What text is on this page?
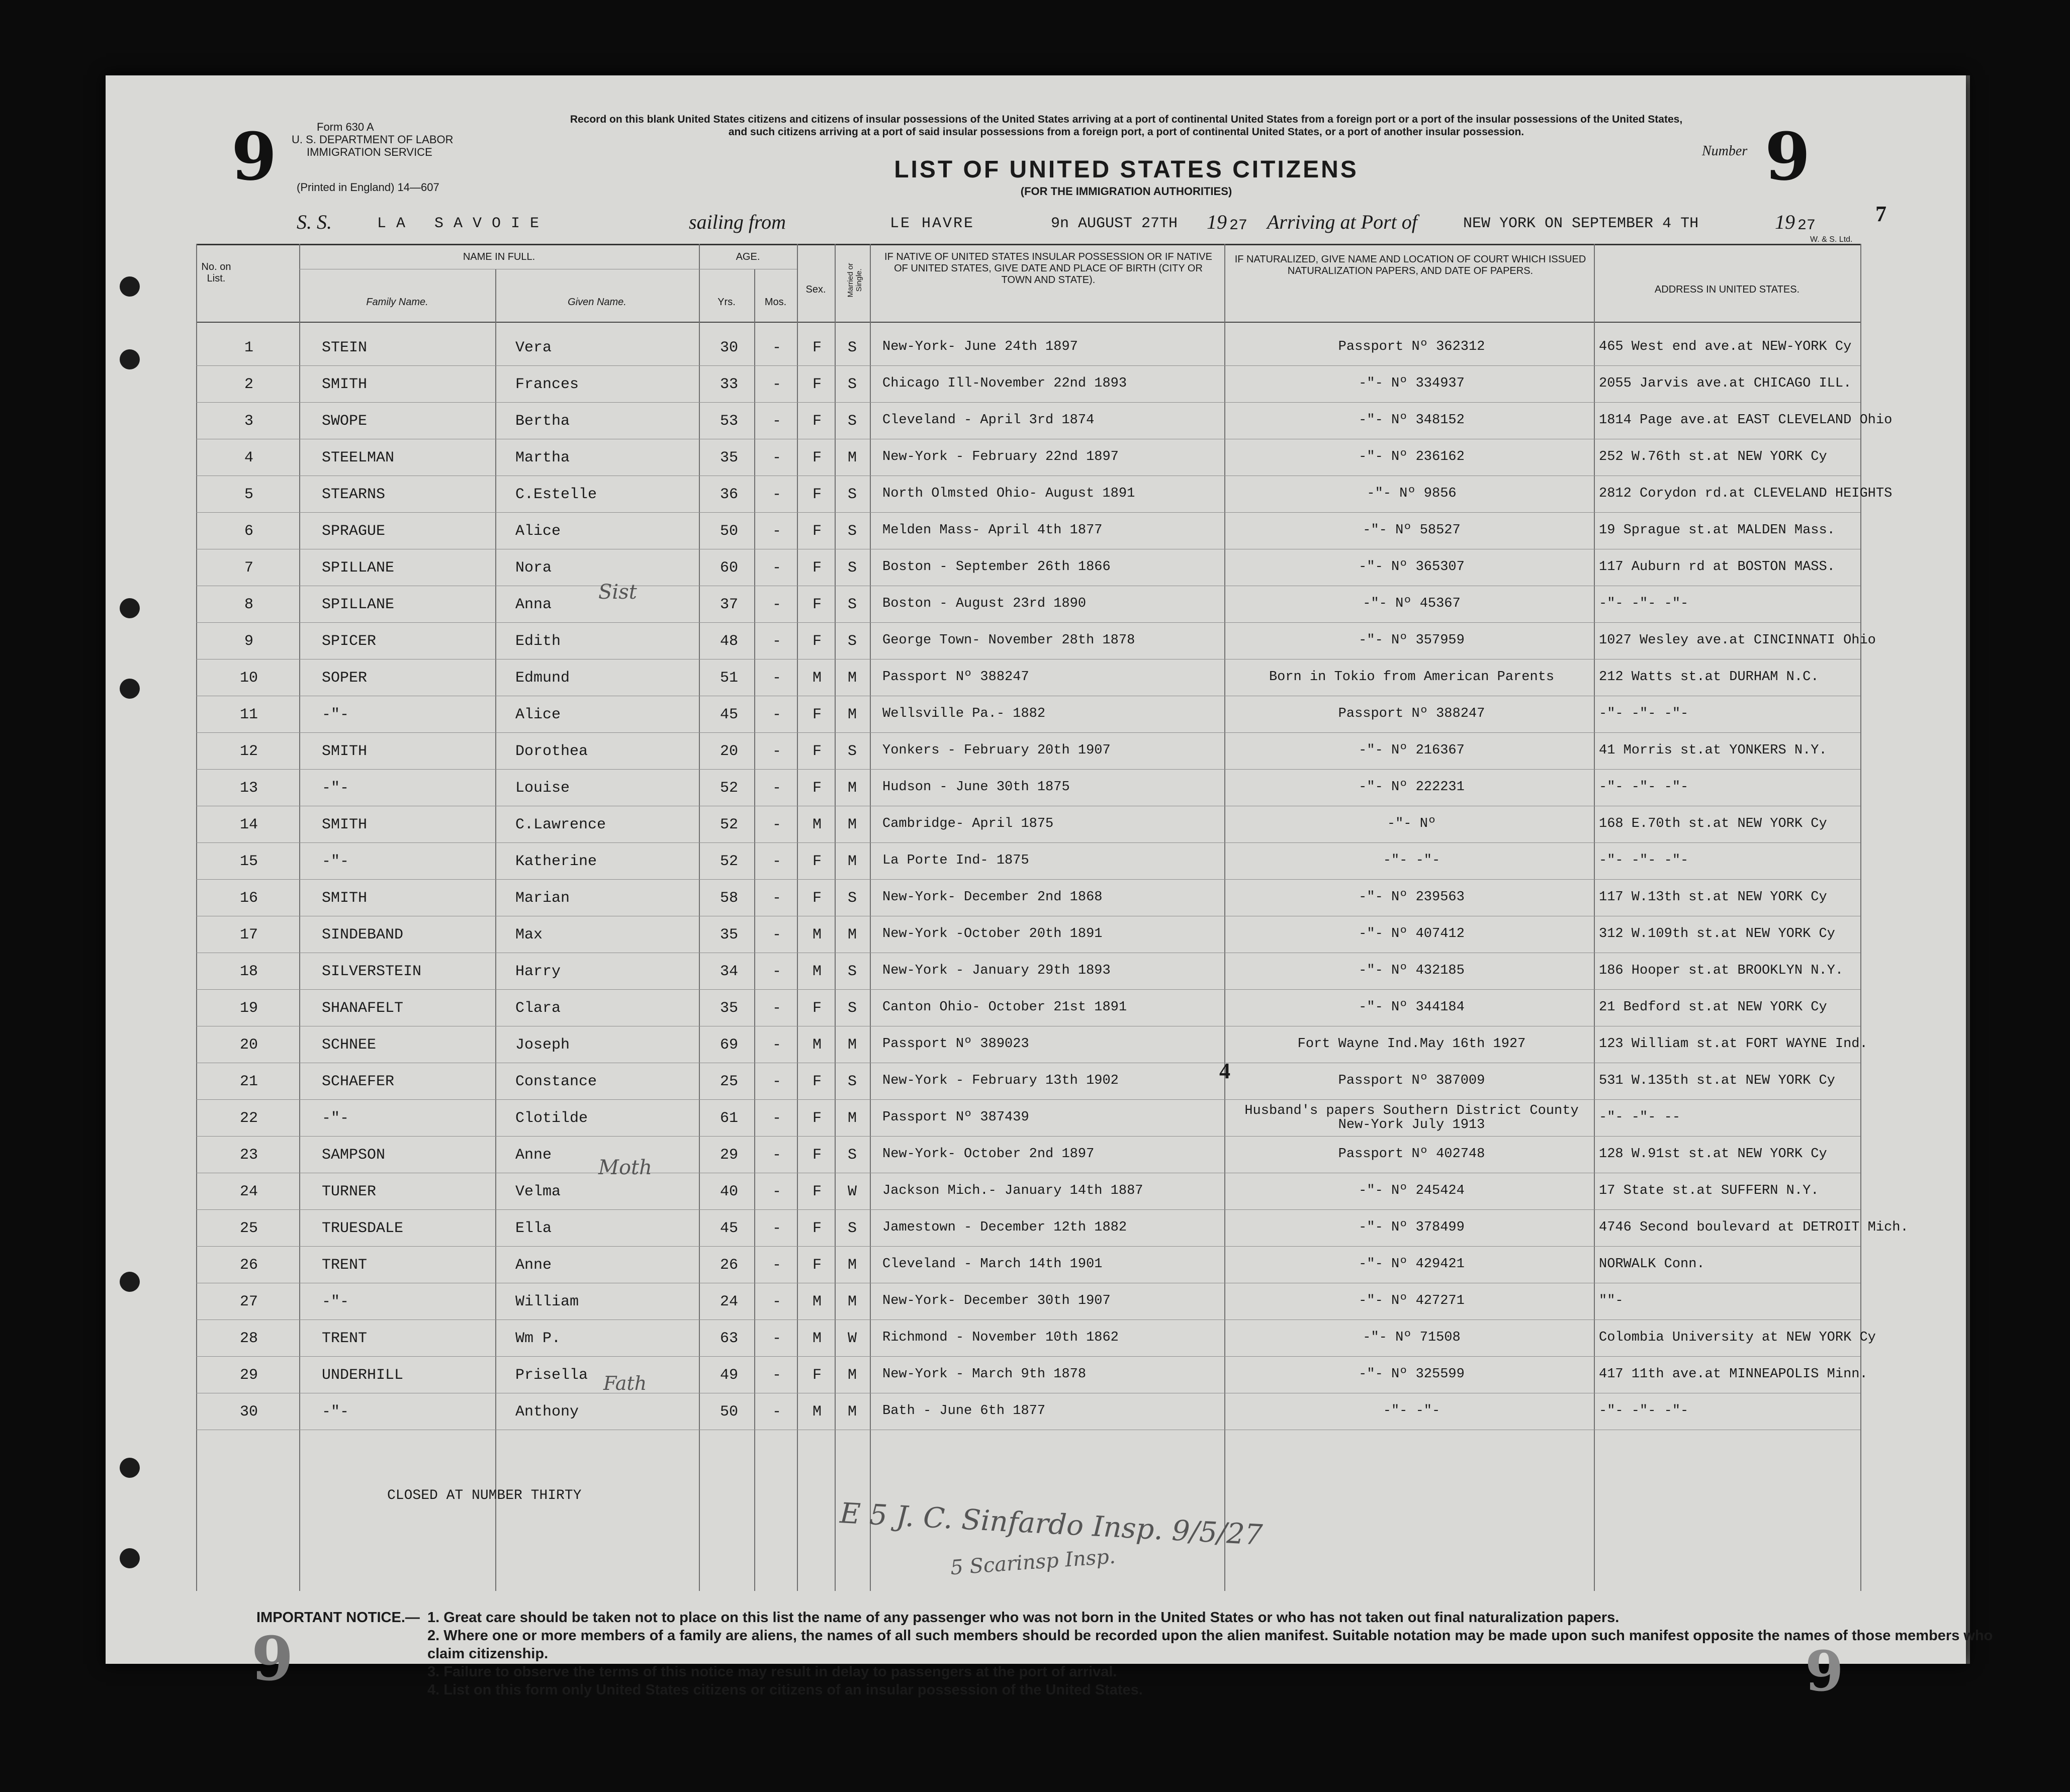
9	Form 630 A
U. S. DEPARTMENT OF LABOR
IMMIGRATION SERVICE
(Printed in England) 14—607
Record on this blank United States citizens and citizens of insular possessions of the United States arriving at a port of continental United States from a foreign port or a port of the insular possessions of the United States, and such citizens arriving at a port of said insular possessions from a foreign port, a port of continental United States, or a port of another insular possession.
LIST OF UNITED STATES CITIZENS
(FOR THE IMMIGRATION AUTHORITIES)
Number 9
7
S. S.	LA SAVOIE	sailing from	LE HAVRE	9n AUGUST 27TH 19 27 Arriving at Port of	NEW YORK ON SEPTEMBER 4 TH	19 27
W. & S. Ltd.
No. on List.
NAME IN FULL.
Family Name.	Given Name.
AGE.
Yrs.	Mos.
Sex.	Married or Single.
IF NATIVE OF UNITED STATES INSULAR POSSESSION OR IF NATIVE OF UNITED STATES, GIVE DATE AND PLACE OF BIRTH (CITY OR TOWN AND STATE).
IF NATURALIZED, GIVE NAME AND LOCATION OF COURT WHICH ISSUED NATURALIZATION PAPERS, AND DATE OF PAPERS.
ADDRESS IN UNITED STATES.
1	STEIN	Vera	30	-	F	S	New-York- June 24th 1897	Passport Nº 362312	465 West end ave.at NEW-YORK Cy
2	SMITH	Frances	33	-	F	S	Chicago Ill-November 22nd 1893	-"- Nº 334937	2055 Jarvis ave.at CHICAGO ILL.
3	SWOPE	Bertha	53	-	F	S	Cleveland - April 3rd 1874	-"- Nº 348152	1814 Page ave.at EAST CLEVELAND Ohio
4	STEELMAN	Martha	35	-	F	M	New-York - February 22nd 1897	-"- Nº 236162	252 W.76th st.at NEW YORK Cy
5	STEARNS	C.Estelle	36	-	F	S	North Olmsted Ohio- August 1891	-"- Nº 9856	2812 Corydon rd.at CLEVELAND HEIGHTS
6	SPRAGUE	Alice	50	-	F	S	Melden Mass- April 4th 1877	-"- Nº 58527	19 Sprague st.at MALDEN Mass.
7	SPILLANE	Nora	60	-	F	S	Boston - September 26th 1866	-"- Nº 365307	117 Auburn rd at BOSTON MASS.
8	SPILLANE	Anna	37	-	F	S	Boston - August 23rd 1890	-"- Nº 45367	-"- -"- -"-
9	SPICER	Edith	48	-	F	S	George Town- November 28th 1878	-"- Nº 357959	1027 Wesley ave.at CINCINNATI Ohio
10	SOPER	Edmund	51	-	M	M	Passport Nº 388247	Born in Tokio from American Parents	212 Watts st.at DURHAM N.C.
11	-"-	Alice	45	-	F	M	Wellsville Pa.- 1882	Passport Nº 388247	-"- -"- -"-
12	SMITH	Dorothea	20	-	F	S	Yonkers - February 20th 1907	-"- Nº 216367	41 Morris st.at YONKERS N.Y.
13	-"-	Louise	52	-	F	M	Hudson - June 30th 1875	-"- Nº 222231	-"- -"- -"-
14	SMITH	C.Lawrence	52	-	M	M	Cambridge- April 1875	-"- Nº	168 E.70th st.at NEW YORK Cy
15	-"-	Katherine	52	-	F	M	La Porte Ind- 1875	-"- -"-	-"- -"- -"-
16	SMITH	Marian	58	-	F	S	New-York- December 2nd 1868	-"- Nº 239563	117 W.13th st.at NEW YORK Cy
17	SINDEBAND	Max	35	-	M	M	New-York -October 20th 1891	-"- Nº 407412	312 W.109th st.at NEW YORK Cy
18	SILVERSTEIN	Harry	34	-	M	S	New-York - January 29th 1893	-"- Nº 432185	186 Hooper st.at BROOKLYN N.Y.
19	SHANAFELT	Clara	35	-	F	S	Canton Ohio- October 21st 1891	-"- Nº 344184	21 Bedford st.at NEW YORK Cy
20	SCHNEE	Joseph	69	-	M	M	Passport Nº 389023	Fort Wayne Ind.May 16th 1927	123 William st.at FORT WAYNE Ind.
21	SCHAEFER	Constance	25	-	F	S	New-York - February 13th 1902	Passport Nº 387009	531 W.135th st.at NEW YORK Cy
22	-"-	Clotilde	61	-	F	M	Passport Nº 387439	Husband's papers Southern District County New-York July 1913	-"- -"- --
23	SAMPSON	Anne	29	-	F	S	New-York- October 2nd 1897	Passport Nº 402748	128 W.91st st.at NEW YORK Cy
24	TURNER	Velma	40	-	F	W	Jackson Mich.- January 14th 1887	-"- Nº 245424	17 State st.at SUFFERN N.Y.
25	TRUESDALE	Ella	45	-	F	S	Jamestown - December 12th 1882	-"- Nº 378499	4746 Second boulevard at DETROIT Mich.
26	TRENT	Anne	26	-	F	M	Cleveland - March 14th 1901	-"- Nº 429421	NORWALK Conn.
27	-"-	William	24	-	M	M	New-York- December 30th 1907	-"- Nº 427271	""-
28	TRENT	Wm P.	63	-	M	W	Richmond - November 10th 1862	-"- Nº 71508	Colombia University at NEW YORK Cy
29	UNDERHILL	Prisella	49	-	F	M	New-York - March 9th 1878	-"- Nº 325599	417 11th ave.at MINNEAPOLIS Minn.
30	-"-	Anthony	50	-	M	M	Bath - June 6th 1877	-"- -"-	-"- -"- -"-
CLOSED AT NUMBER THIRTY
Sist
Moth
Fath
E 5 J. C. Sinfardo Insp. 9/5/27
5 Scarinsp Insp.
4
IMPORTANT NOTICE.— 1. Great care should be taken not to place on this list the name of any passenger who was not born in the United States or who has not taken out final naturalization papers.
2. Where one or more members of a family are aliens, the names of all such members should be recorded upon the alien manifest. Suitable notation may be made upon such manifest opposite the names of those members who claim citizenship.
3. Failure to observe the terms of this notice may result in delay to passengers at the port of arrival.
4. List on this form only United States citizens or citizens of an insular possession of the United States.
9	9
